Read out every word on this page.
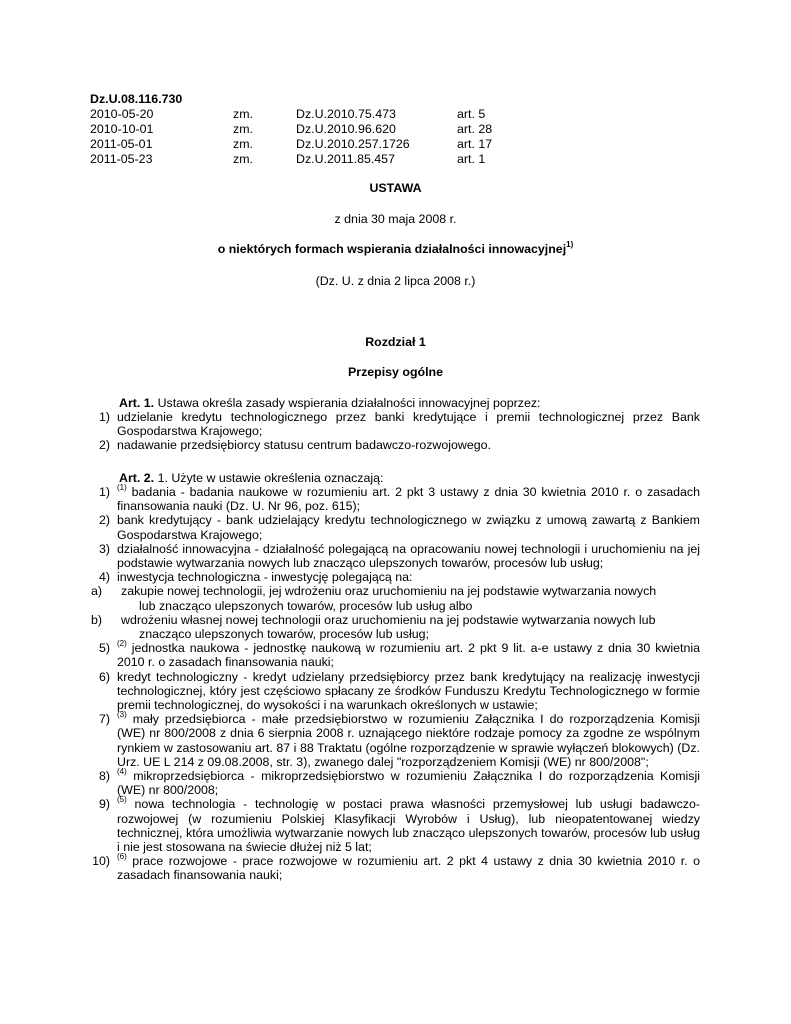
Dz.U.08.116.730
2010-05-20	zm.	Dz.U.2010.75.473	art. 5
2010-10-01	zm.	Dz.U.2010.96.620	art. 28
2011-05-01	zm.	Dz.U.2010.257.1726	art. 17
2011-05-23	zm.	Dz.U.2011.85.457	art. 1
USTAWA
z dnia 30 maja 2008 r.
o niektórych formach wspierania działalności innowacyjnej$^{1)}$
(Dz. U. z dnia 2 lipca 2008 r.)
Rozdział 1
Przepisy ogólne
Art. 1. Ustawa określa zasady wspierania działalności innowacyjnej poprzez:
1) udzielanie kredytu technologicznego przez banki kredytujące i premii technologicznej przez Bank Gospodarstwa Krajowego;
2) nadawanie przedsiębiorcy statusu centrum badawczo-rozwojowego.
Art. 2. 1. Użyte w ustawie określenia oznaczają:
1) $^{(1)}$ badania - badania naukowe w rozumieniu art. 2 pkt 3 ustawy z dnia 30 kwietnia 2010 r. o zasadach finansowania nauki (Dz. U. Nr 96, poz. 615);
2) bank kredytujący - bank udzielający kredytu technologicznego w związku z umową zawartą z Bankiem Gospodarstwa Krajowego;
3) działalność innowacyjna - działalność polegającą na opracowaniu nowej technologii i uruchomieniu na jej podstawie wytwarzania nowych lub znacząco ulepszonych towarów, procesów lub usług;
4) inwestycja technologiczna - inwestycję polegającą na:
a) zakupie nowej technologii, jej wdrożeniu oraz uruchomieniu na jej podstawie wytwarzania nowych
lub znacząco ulepszonych towarów, procesów lub usług albo
b) wdrożeniu własnej nowej technologii oraz uruchomieniu na jej podstawie wytwarzania nowych lub
znacząco ulepszonych towarów, procesów lub usług;
5) $^{(2)}$ jednostka naukowa - jednostkę naukową w rozumieniu art. 2 pkt 9 lit. a-e ustawy z dnia 30 kwietnia 2010 r. o zasadach finansowania nauki;
6) kredyt technologiczny - kredyt udzielany przedsiębiorcy przez bank kredytujący na realizację inwestycji technologicznej, który jest częściowo spłacany ze środków Funduszu Kredytu Technologicznego w formie premii technologicznej, do wysokości i na warunkach określonych w ustawie;
7) $^{(3)}$ mały przedsiębiorca - małe przedsiębiorstwo w rozumieniu Załącznika I do rozporządzenia Komisji (WE) nr 800/2008 z dnia 6 sierpnia 2008 r. uznającego niektóre rodzaje pomocy za zgodne ze wspólnym rynkiem w zastosowaniu art. 87 i 88 Traktatu (ogólne rozporządzenie w sprawie wyłączeń blokowych) (Dz. Urz. UE L 214 z 09.08.2008, str. 3), zwanego dalej "rozporządzeniem Komisji (WE) nr 800/2008";
8) $^{(4)}$ mikroprzedsiębiorca - mikroprzedsiębiorstwo w rozumieniu Załącznika I do rozporządzenia Komisji (WE) nr 800/2008;
9) $^{(5)}$ nowa technologia - technologię w postaci prawa własności przemysłowej lub usługi badawczo-rozwojowej (w rozumieniu Polskiej Klasyfikacji Wyrobów i Usług), lub nieopatentowanej wiedzy technicznej, która umożliwia wytwarzanie nowych lub znacząco ulepszonych towarów, procesów lub usług i nie jest stosowana na świecie dłużej niż 5 lat;
10) $^{(6)}$ prace rozwojowe - prace rozwojowe w rozumieniu art. 2 pkt 4 ustawy z dnia 30 kwietnia 2010 r. o zasadach finansowania nauki;
